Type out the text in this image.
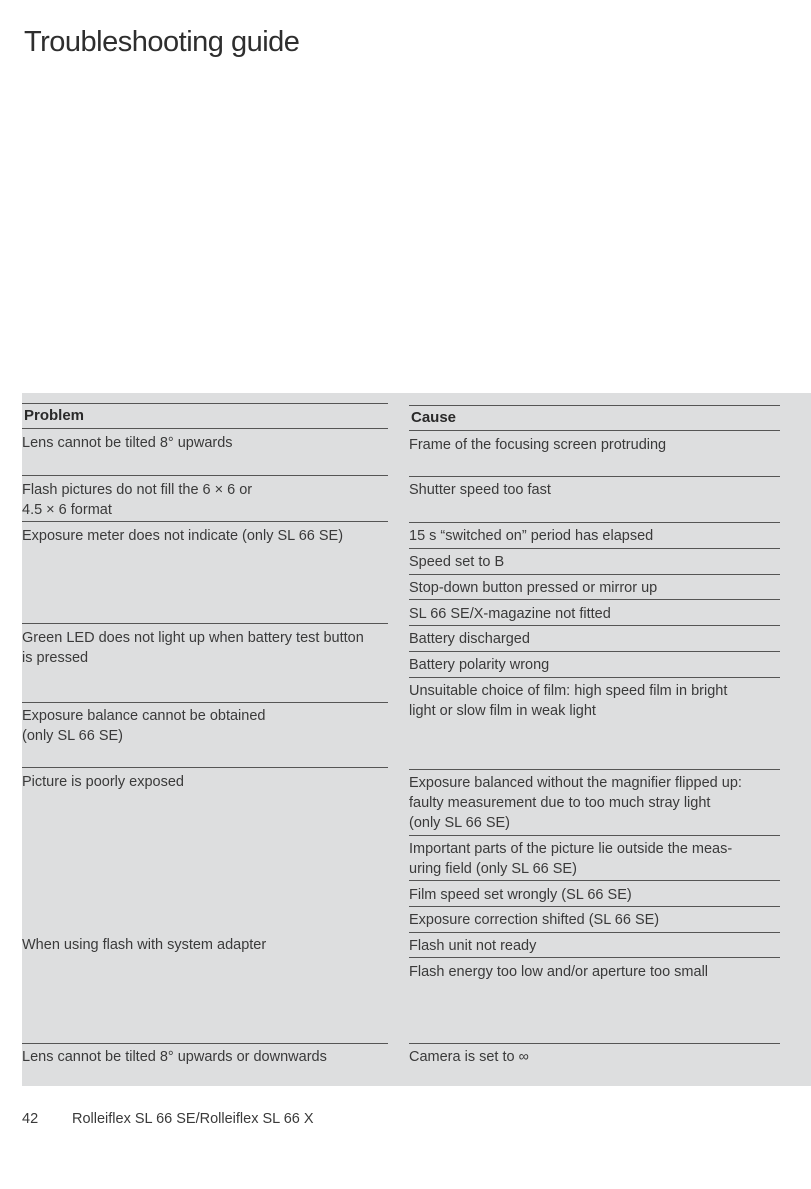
Troubleshooting guide
Problem
Lens cannot be tilted 8° upwards
Flash pictures do not fill the 6 × 6 or
4.5 × 6 format
Exposure meter does not indicate (only SL 66 SE)
Green LED does not light up when battery test button
is pressed
Exposure balance cannot be obtained
(only SL 66 SE)
Picture is poorly exposed
When using flash with system adapter
Lens cannot be tilted 8° upwards or downwards
Cause
Frame of the focusing screen protruding
Shutter speed too fast
15 s “switched on” period has elapsed
Speed set to B
Stop-down button pressed or mirror up
SL 66 SE/X-magazine not fitted
Battery discharged
Battery polarity wrong
Unsuitable choice of film: high speed film in bright
light or slow film in weak light
Exposure balanced without the magnifier flipped up:
faulty measurement due to too much stray light
(only SL 66 SE)
Important parts of the picture lie outside the meas-
uring field (only SL 66 SE)
Film speed set wrongly (SL 66 SE)
Exposure correction shifted (SL 66 SE)
Flash unit not ready
Flash energy too low and/or aperture too small
Camera is set to ∞
42 Rolleiflex SL 66 SE/Rolleiflex SL 66 X
